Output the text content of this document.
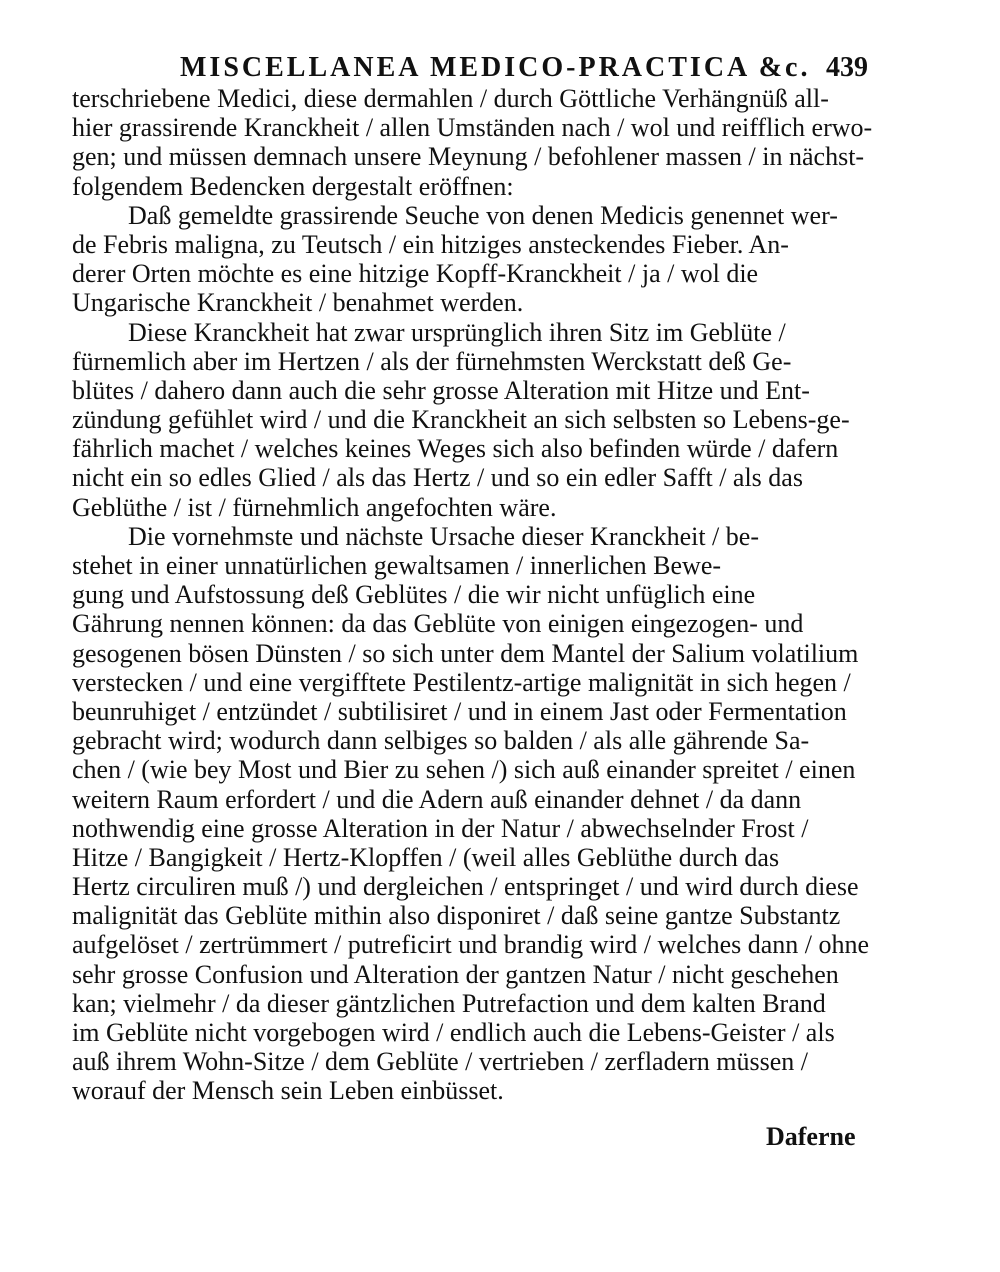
MISCELLANEA MEDICO-PRACTICA &c. 439
terschriebene Medici, diese dermahlen / durch Göttliche Verhängnüß all-
hier grassirende Kranckheit / allen Umständen nach / wol und reifflich erwo-
gen; und müssen demnach unsere Meynung / befohlener massen / in nächst-
folgendem Bedencken dergestalt eröffnen:
Daß gemeldte grassirende Seuche von denen Medicis genennet wer-
de Febris maligna, zu Teutsch / ein hitziges ansteckendes Fieber. An-
derer Orten möchte es eine hitzige Kopff-Kranckheit / ja / wol die
Ungarische Kranckheit / benahmet werden.
Diese Kranckheit hat zwar ursprünglich ihren Sitz im Geblüte /
fürnemlich aber im Hertzen / als der fürnehmsten Werckstatt deß Ge-
blütes / dahero dann auch die sehr grosse Alteration mit Hitze und Ent-
zündung gefühlet wird / und die Kranckheit an sich selbsten so Lebens-ge-
fährlich machet / welches keines Weges sich also befinden würde / dafern
nicht ein so edles Glied / als das Hertz / und so ein edler Safft / als das
Geblüthe / ist / fürnehmlich angefochten wäre.
Die vornehmste und nächste Ursache dieser Kranckheit / be-
stehet in einer unnatürlichen gewaltsamen / innerlichen Bewe-
gung und Aufstossung deß Geblütes / die wir nicht unfüglich eine
Gährung nennen können: da das Geblüte von einigen eingezogen- und
gesogenen bösen Dünsten / so sich unter dem Mantel der Salium volatilium
verstecken / und eine vergifftete Pestilentz-artige malignität in sich hegen /
beunruhiget / entzündet / subtilisiret / und in einem Jast oder Fermentation
gebracht wird; wodurch dann selbiges so balden / als alle gährende Sa-
chen / (wie bey Most und Bier zu sehen /) sich auß einander spreitet / einen
weitern Raum erfordert / und die Adern auß einander dehnet / da dann
nothwendig eine grosse Alteration in der Natur / abwechselnder Frost /
Hitze / Bangigkeit / Hertz-Klopffen / (weil alles Geblüthe durch das
Hertz circuliren muß /) und dergleichen / entspringet / und wird durch diese
malignität das Geblüte mithin also disponiret / daß seine gantze Substantz
aufgelöset / zertrümmert / putreficirt und brandig wird / welches dann / ohne
sehr grosse Confusion und Alteration der gantzen Natur / nicht geschehen
kan; vielmehr / da dieser gäntzlichen Putrefaction und dem kalten Brand
im Geblüte nicht vorgebogen wird / endlich auch die Lebens-Geister / als
auß ihrem Wohn-Sitze / dem Geblüte / vertrieben / zerfladern müssen /
worauf der Mensch sein Leben einbüsset.
Daferne
